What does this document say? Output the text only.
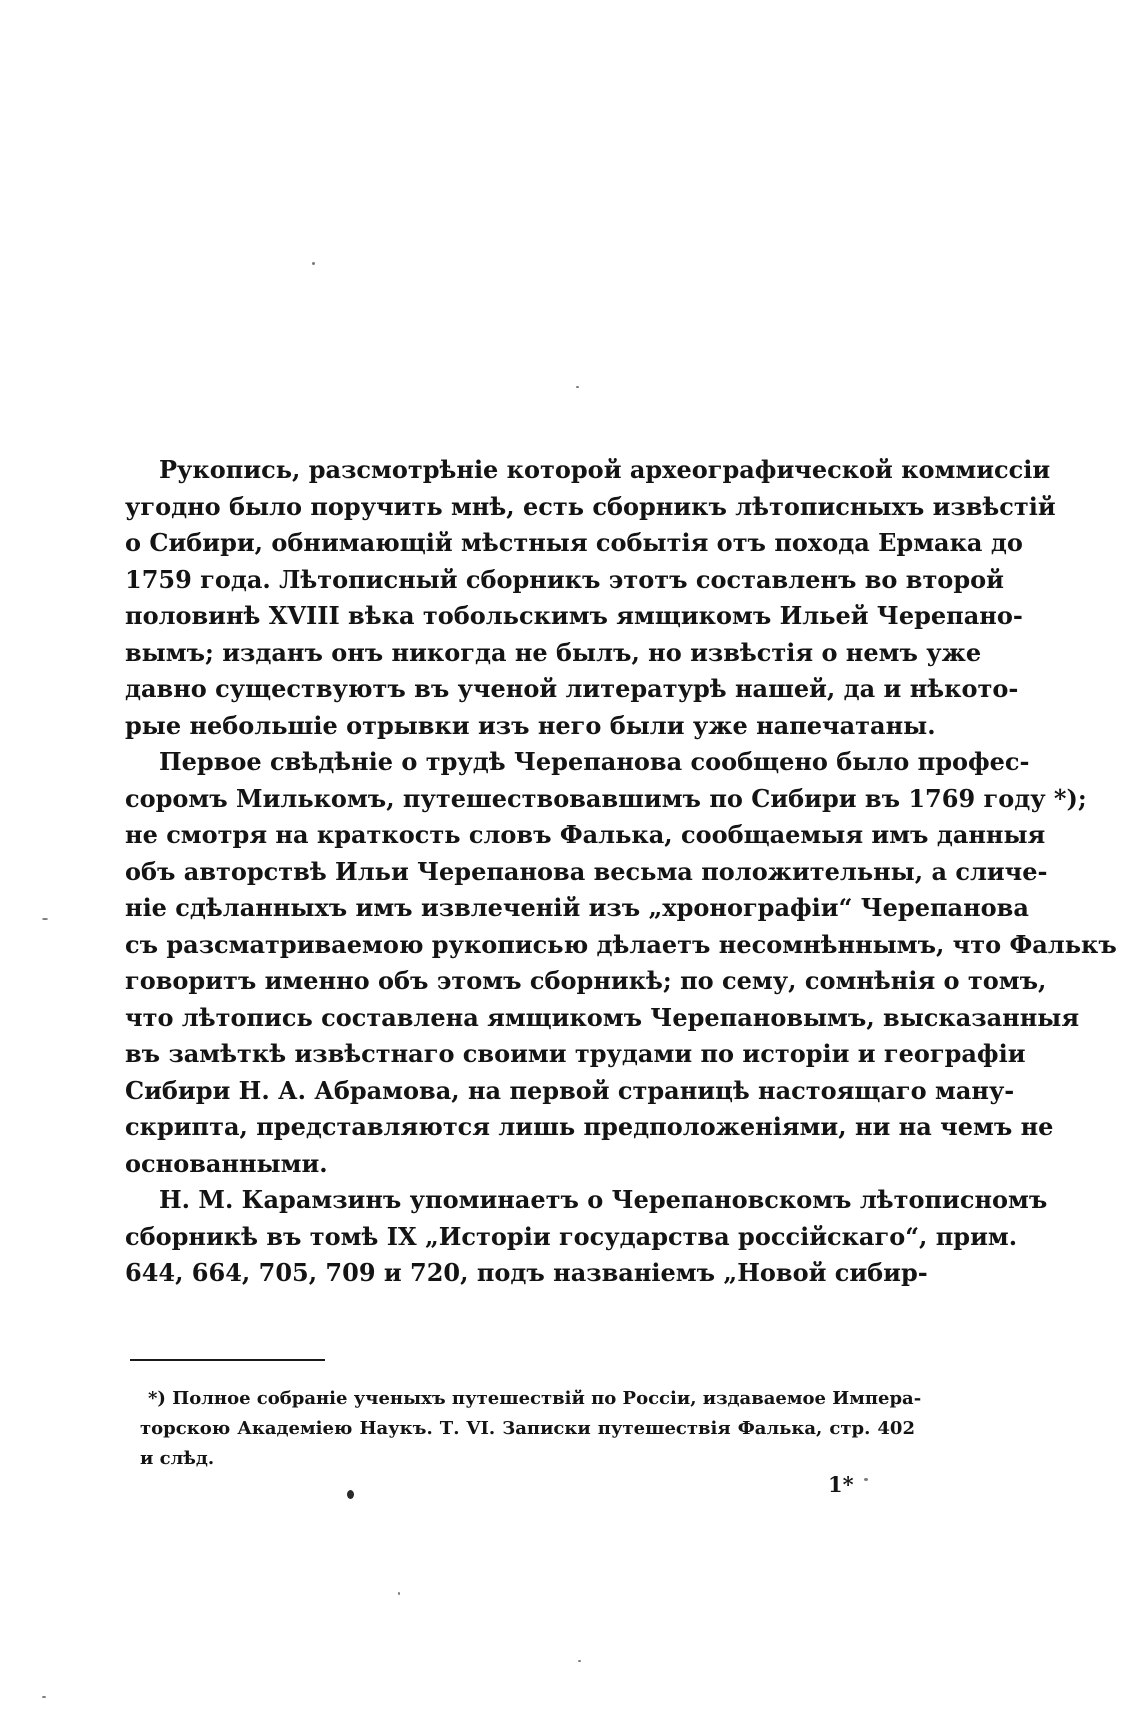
Рукопись, разсмотрѣніе которой археографической коммиссіи
угодно было поручить мнѣ, есть сборникъ лѣтописныхъ извѣстій
о Сибири, обнимающій мѣстныя событія отъ похода Ермака до
1759 года. Лѣтописный сборникъ этотъ составленъ во второй
половинѣ XVIII вѣка тобольскимъ ямщикомъ Ильей Черепано-
вымъ; изданъ онъ никогда не былъ, но извѣстія о немъ уже
давно существуютъ въ ученой литературѣ нашей, да и нѣкото-
рые небольшіе отрывки изъ него были уже напечатаны.
Первое свѣдѣніе о трудѣ Черепанова сообщено было профес-
соромъ Милькомъ, путешествовавшимъ по Сибири въ 1769 году *);
не смотря на краткость словъ Фалька, сообщаемыя имъ данныя
объ авторствѣ Ильи Черепанова весьма положительны, а сличе-
ніе сдѣланныхъ имъ извлеченій изъ „хронографіи“ Черепанова
съ разсматриваемою рукописью дѣлаетъ несомнѣннымъ, что Фалькъ
говоритъ именно объ этомъ сборникѣ; по сему, сомнѣнія о томъ,
что лѣтопись составлена ямщикомъ Черепановымъ, высказанныя
въ замѣткѣ извѣстнаго своими трудами по исторіи и географіи
Сибири Н. А. Абрамова, на первой страницѣ настоящаго ману-
скрипта, представляются лишь предположеніями, ни на чемъ не
основанными.
Н. М. Карамзинъ упоминаетъ о Черепановскомъ лѣтописномъ
сборникѣ въ томѣ IX „Исторіи государства россійскаго“, прим.
644, 664, 705, 709 и 720, подъ названіемъ „Новой сибир-
*) Полное собраніе ученыхъ путешествій по Россіи, издаваемое Импера-
торскою Академіею Наукъ. Т. VI. Записки путешествія Фалька, стр. 402
и слѣд.
1*
